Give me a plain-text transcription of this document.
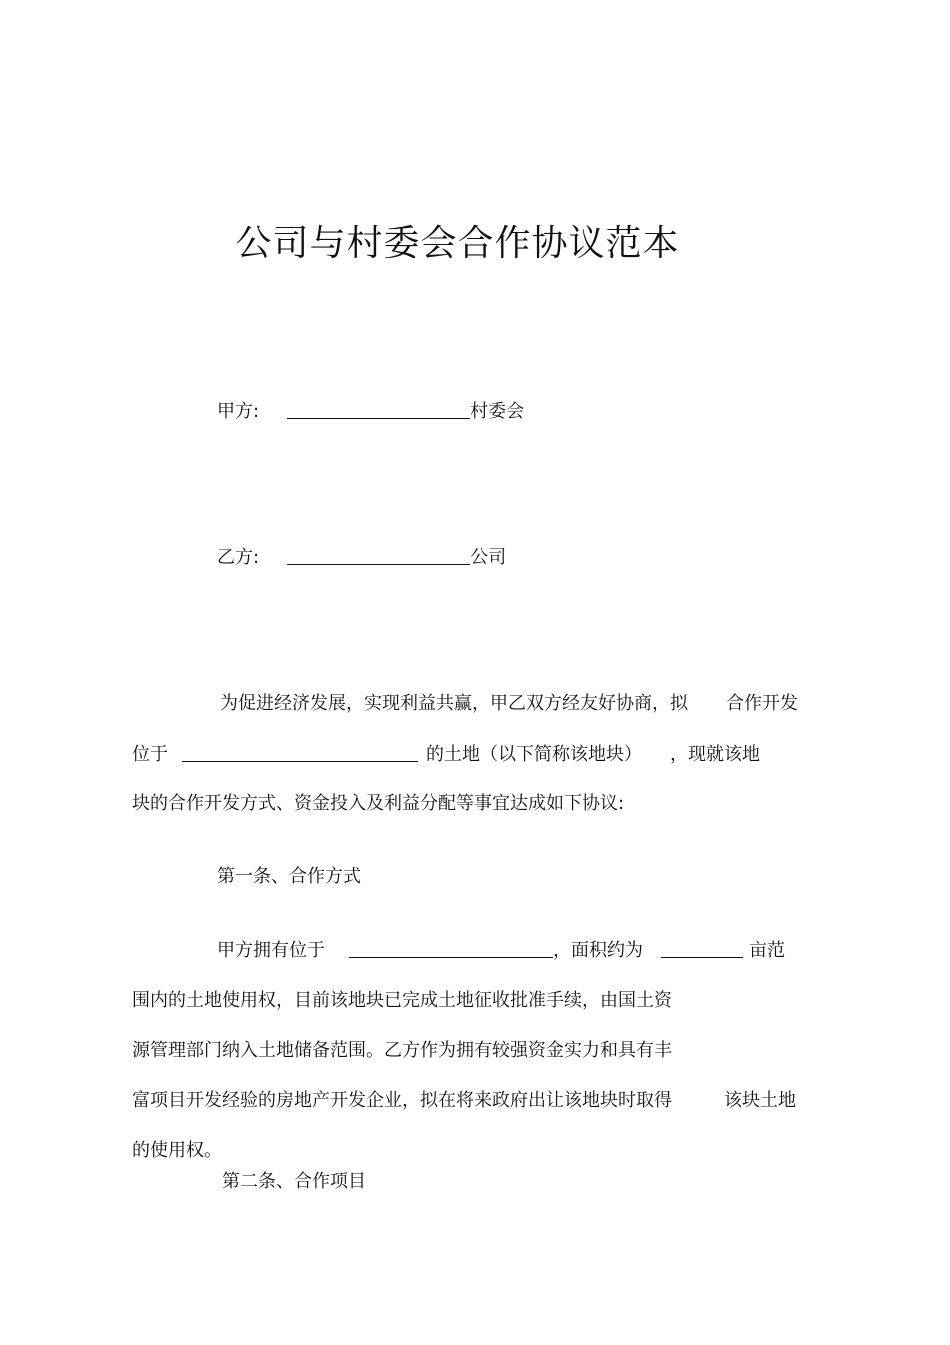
公司与村委会合作协议范本
甲方:	村委会
乙方:	公司
为促进经济发展，实现利益共赢，甲乙双方经友好协商，拟 合作开发
位于	的土地（以下简称该地块） ，现就该地
块的合作开发方式、资金投入及利益分配等事宜达成如下协议:
第一条、合作方式
甲方拥有位于	，面积约为	亩范
围内的土地使用权，目前该地块已完成土地征收批准手续，由国土资
源管理部门纳入土地储备范围。乙方作为拥有较强资金实力和具有丰
富项目开发经验的房地产开发企业，拟在将来政府出让该地块时取得	该块土地
的使用权。
第二条、合作项目
